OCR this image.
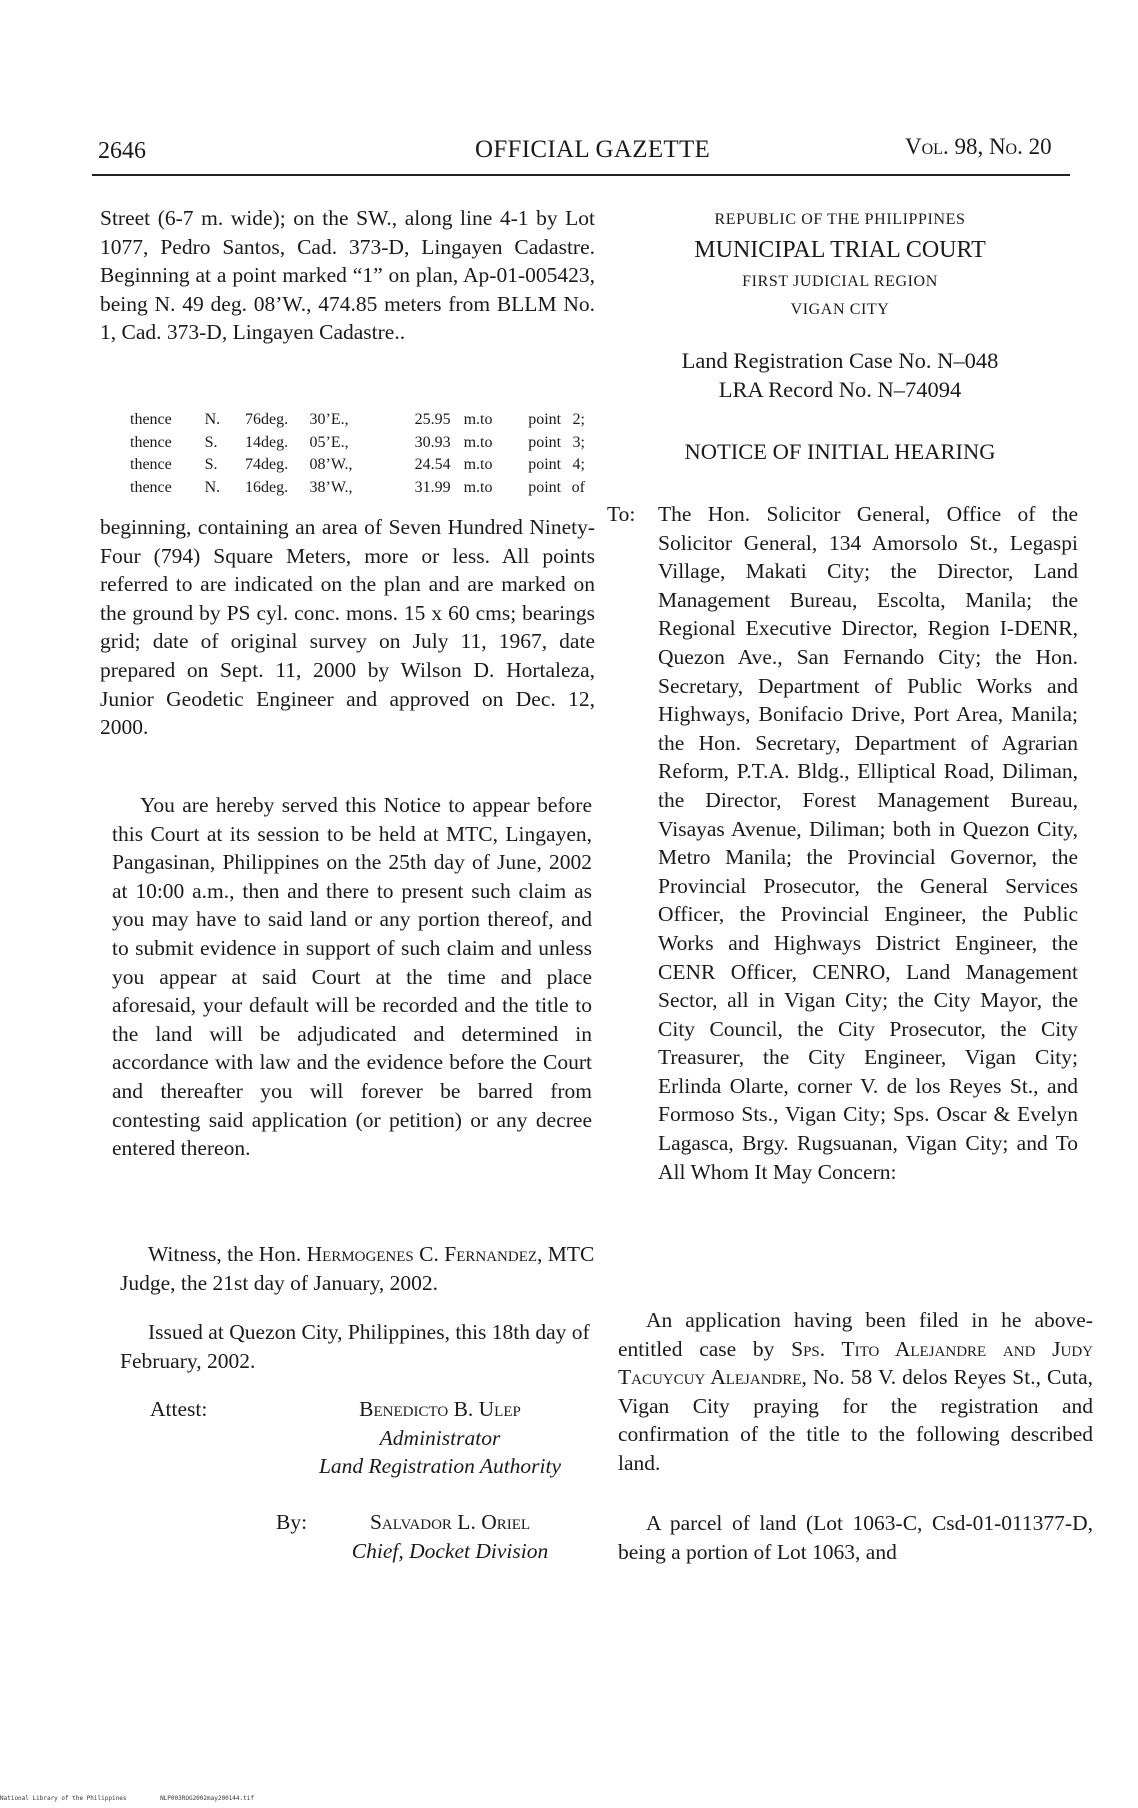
2646	OFFICIAL GAZETTE	Vol. 98, No. 20

Street (6-7 m. wide); on the SW., along line 4-1 by Lot 1077, Pedro Santos, Cad. 373-D, Lingayen Cadastre. Beginning at a point marked “1” on plan, Ap-01-005423, being N. 49 deg. 08’W., 474.85 meters from BLLM No. 1, Cad. 373-D, Lingayen Cadastre..

thence	N.	76	deg.	30’E.,	25.95	m.	to	point	2;
thence	S.	14	deg.	05’E.,	30.93	m.	to	point	3;
thence	S.	74	deg.	08’W.,	24.54	m.	to	point	4;
thence	N.	16	deg.	38’W.,	31.99	m.	to	point	of

beginning, containing an area of Seven Hundred Ninety-Four (794) Square Meters, more or less. All points referred to are indicated on the plan and are marked on the ground by PS cyl. conc. mons. 15 x 60 cms; bearings grid; date of original survey on July 11, 1967, date prepared on Sept. 11, 2000 by Wilson D. Hortaleza, Junior Geodetic Engineer and approved on Dec. 12, 2000.

You are hereby served this Notice to appear before this Court at its session to be held at MTC, Lingayen, Pangasinan, Philippines on the 25th day of June, 2002 at 10:00 a.m., then and there to present such claim as you may have to said land or any portion thereof, and to submit evidence in support of such claim and unless you appear at said Court at the time and place aforesaid, your default will be recorded and the title to the land will be adjudicated and determined in accordance with law and the evidence before the Court and thereafter you will forever be barred from contesting said application (or petition) or any decree entered thereon.

Witness, the Hon. Hermogenes C. Fernandez, MTC Judge, the 21st day of January, 2002.

Issued at Quezon City, Philippines, this 18th day of February, 2002.

Attest:	Benedicto B. Ulep
Administrator
Land Registration Authority
By:	Salvador L. Oriel
Chief, Docket Division
REPUBLIC OF THE PHILIPPINES
MUNICIPAL TRIAL COURT
FIRST JUDICIAL REGION
VIGAN CITY
Land Registration Case No. N–048
LRA Record No. N–74094
NOTICE OF INITIAL HEARING
To:	The Hon. Solicitor General, Office of the Solicitor General, 134 Amorsolo St., Legaspi Village, Makati City; the Director, Land Management Bureau, Escolta, Manila; the Regional Executive Director, Region I-DENR, Quezon Ave., San Fernando City; the Hon. Secretary, Department of Public Works and Highways, Bonifacio Drive, Port Area, Manila; the Hon. Secretary, Department of Agrarian Reform, P.T.A. Bldg., Elliptical Road, Diliman, the Director, Forest Management Bureau, Visayas Avenue, Diliman; both in Quezon City, Metro Manila; the Provincial Governor, the Provincial Prosecutor, the General Services Officer, the Provincial Engineer, the Public Works and Highways District Engineer, the CENR Officer, CENRO, Land Management Sector, all in Vigan City; the City Mayor, the City Council, the City Prosecutor, the City Treasurer, the City Engineer, Vigan City; Erlinda Olarte, corner V. de los Reyes St., and Formoso Sts., Vigan City; Sps. Oscar & Evelyn Lagasca, Brgy. Rugsuanan, Vigan City; and To All Whom It May Concern:

An application having been filed in he above-entitled case by Sps. Tito Alejandre and Judy Tacuycuy Alejandre, No. 58 V. delos Reyes St., Cuta, Vigan City praying for the registration and confirmation of the title to the following described land.

A parcel of land (Lot 1063-C, Csd-01-011377-D, being a portion of Lot 1063, and

National Library of the Philippines	NLP003ROG2002may200144.tif
